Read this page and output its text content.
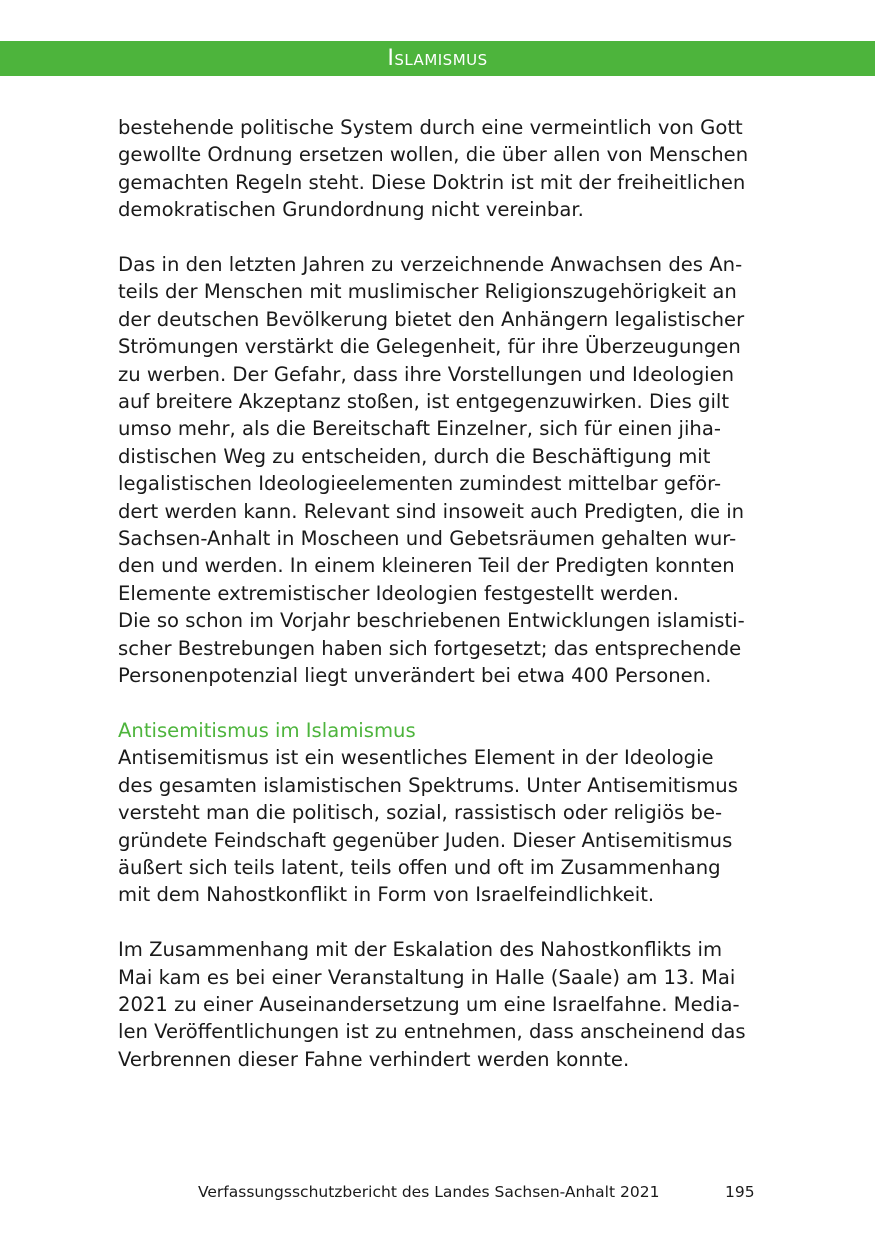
Islamismus
bestehende politische System durch eine vermeintlich von Gott
gewollte Ordnung ersetzen wollen, die über allen von Menschen
gemachten Regeln steht. Diese Doktrin ist mit der freiheitlichen
demokratischen Grundordnung nicht vereinbar.
Das in den letzten Jahren zu verzeichnende Anwachsen des An-
teils der Menschen mit muslimischer Religionszugehörigkeit an
der deutschen Bevölkerung bietet den Anhängern legalistischer
Strömungen verstärkt die Gelegenheit, für ihre Überzeugungen
zu werben. Der Gefahr, dass ihre Vorstellungen und Ideologien
auf breitere Akzeptanz stoßen, ist entgegenzuwirken. Dies gilt
umso mehr, als die Bereitschaft Einzelner, sich für einen jiha-
distischen Weg zu entscheiden, durch die Beschäftigung mit
legalistischen Ideologieelementen zumindest mittelbar geför-
dert werden kann. Relevant sind insoweit auch Predigten, die in
Sachsen-Anhalt in Moscheen und Gebetsräumen gehalten wur-
den und werden. In einem kleineren Teil der Predigten konnten
Elemente extremistischer Ideologien festgestellt werden.
Die so schon im Vorjahr beschriebenen Entwicklungen islamisti-
scher Bestrebungen haben sich fortgesetzt; das entsprechende
Personenpotenzial liegt unverändert bei etwa 400 Personen.
Antisemitismus im Islamismus
Antisemitismus ist ein wesentliches Element in der Ideologie
des gesamten islamistischen Spektrums. Unter Antisemitismus
versteht man die politisch, sozial, rassistisch oder religiös be-
gründete Feindschaft gegenüber Juden. Dieser Antisemitismus
äußert sich teils latent, teils offen und oft im Zusammenhang
mit dem Nahostkonflikt in Form von Israelfeindlichkeit.
Im Zusammenhang mit der Eskalation des Nahostkonflikts im
Mai kam es bei einer Veranstaltung in Halle (Saale) am 13. Mai
2021 zu einer Auseinandersetzung um eine Israelfahne. Media-
len Veröffentlichungen ist zu entnehmen, dass anscheinend das
Verbrennen dieser Fahne verhindert werden konnte.
Verfassungsschutzbericht des Landes Sachsen-Anhalt 2021	195
